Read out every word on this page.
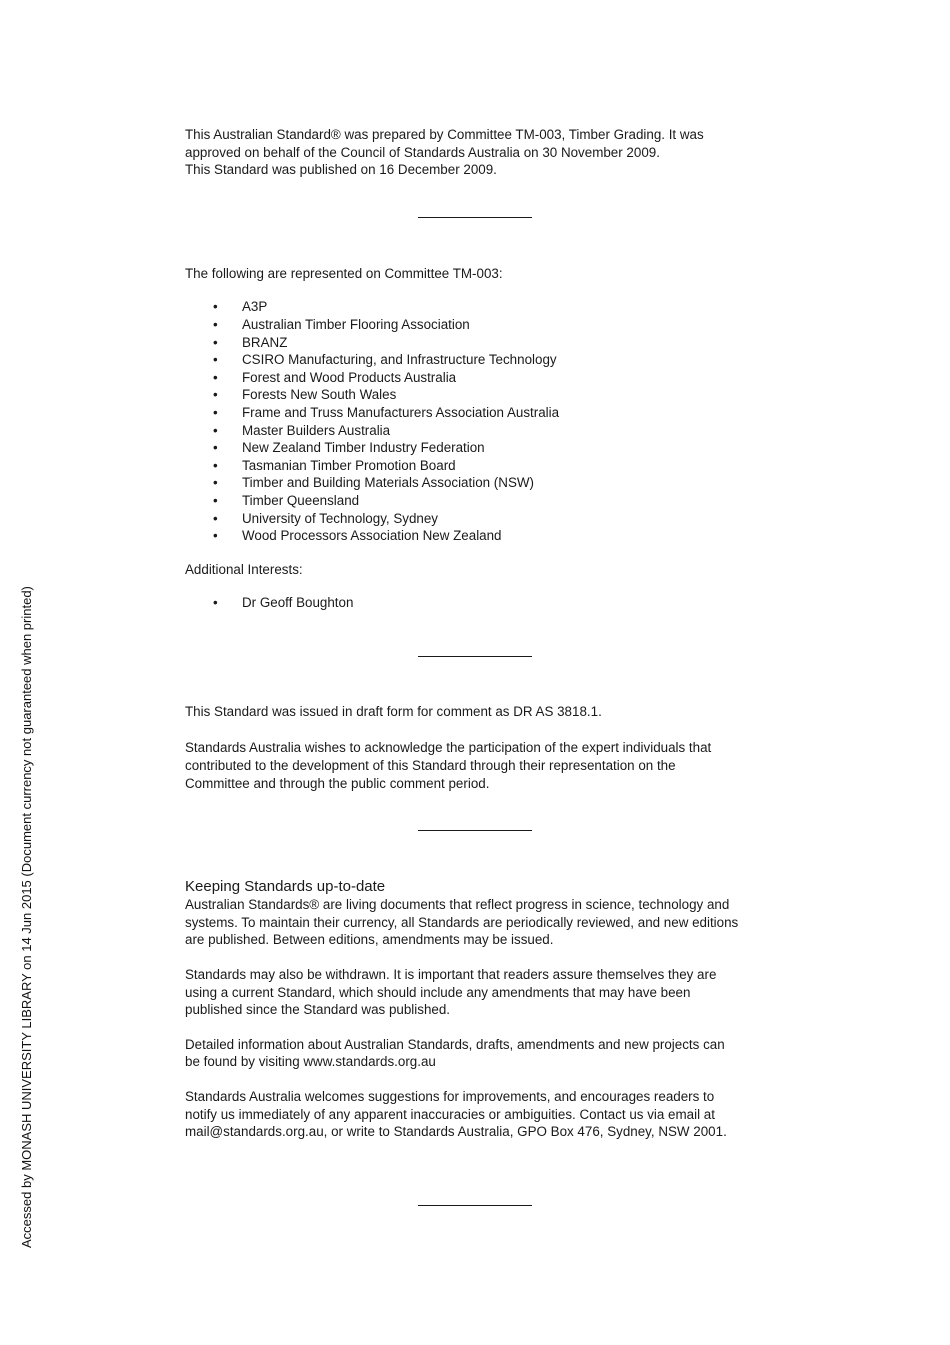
Accessed by MONASH UNIVERSITY LIBRARY on 14 Jun 2015 (Document currency not guaranteed when printed)

This Australian Standard® was prepared by Committee TM-003, Timber Grading. It was

approved on behalf of the Council of Standards Australia on 30 November 2009.

This Standard was published on 16 December 2009.

The following are represented on Committee TM-003:

• A3P
• Australian Timber Flooring Association
• BRANZ
• CSIRO Manufacturing, and Infrastructure Technology
• Forest and Wood Products Australia
• Forests New South Wales
• Frame and Truss Manufacturers Association Australia
• Master Builders Australia
• New Zealand Timber Industry Federation
• Tasmanian Timber Promotion Board
• Timber and Building Materials Association (NSW)
• Timber Queensland
• University of Technology, Sydney
• Wood Processors Association New Zealand

Additional Interests:

• Dr Geoff Boughton

This Standard was issued in draft form for comment as DR AS 3818.1.

Standards Australia wishes to acknowledge the participation of the expert individuals that

contributed to the development of this Standard through their representation on the

Committee and through the public comment period.

Keeping Standards up-to-date

Australian Standards® are living documents that reflect progress in science, technology and

systems. To maintain their currency, all Standards are periodically reviewed, and new editions

are published. Between editions, amendments may be issued.

Standards may also be withdrawn. It is important that readers assure themselves they are

using a current Standard, which should include any amendments that may have been

published since the Standard was published.

Detailed information about Australian Standards, drafts, amendments and new projects can

be found by visiting www.standards.org.au

Standards Australia welcomes suggestions for improvements, and encourages readers to

notify us immediately of any apparent inaccuracies or ambiguities. Contact us via email at

mail@standards.org.au, or write to Standards Australia, GPO Box 476, Sydney, NSW 2001.
